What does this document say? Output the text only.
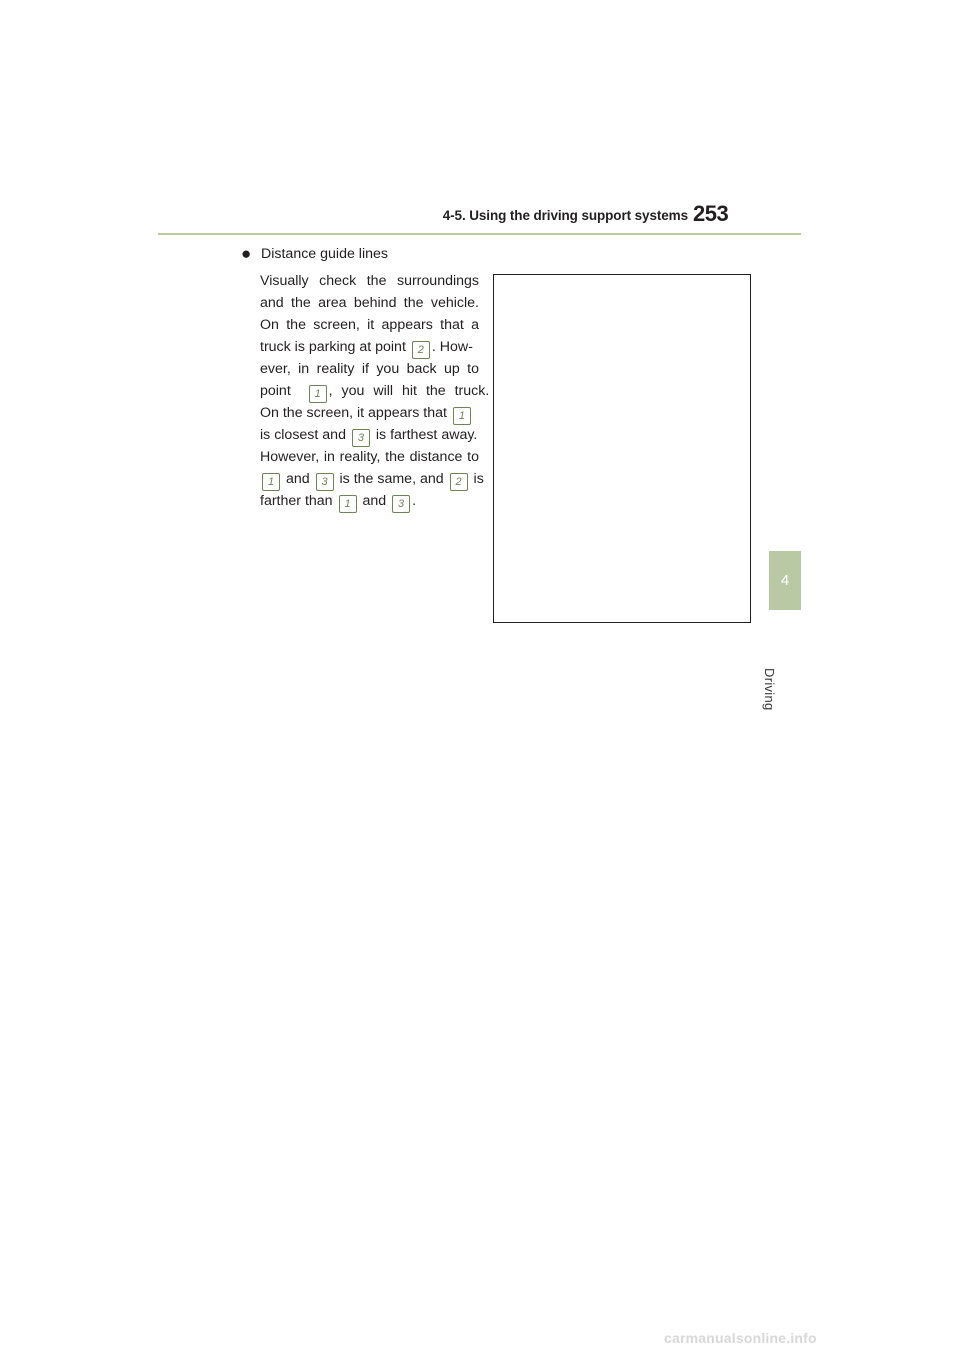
4-5. Using the driving support systems 253
4
Driving
● Distance guide lines
Visually check the surroundings
and the area behind the vehicle.
On the screen, it appears that a
truck is parking at point 2 . How-
ever, in reality if you back up to
point 1 , you will hit the truck.
On the screen, it appears that 1
is closest and 3 is farthest away.
However, in reality, the distance to
1 and 3 is the same, and 2 is
farther than 1 and 3 .
carmanualsonline.info
